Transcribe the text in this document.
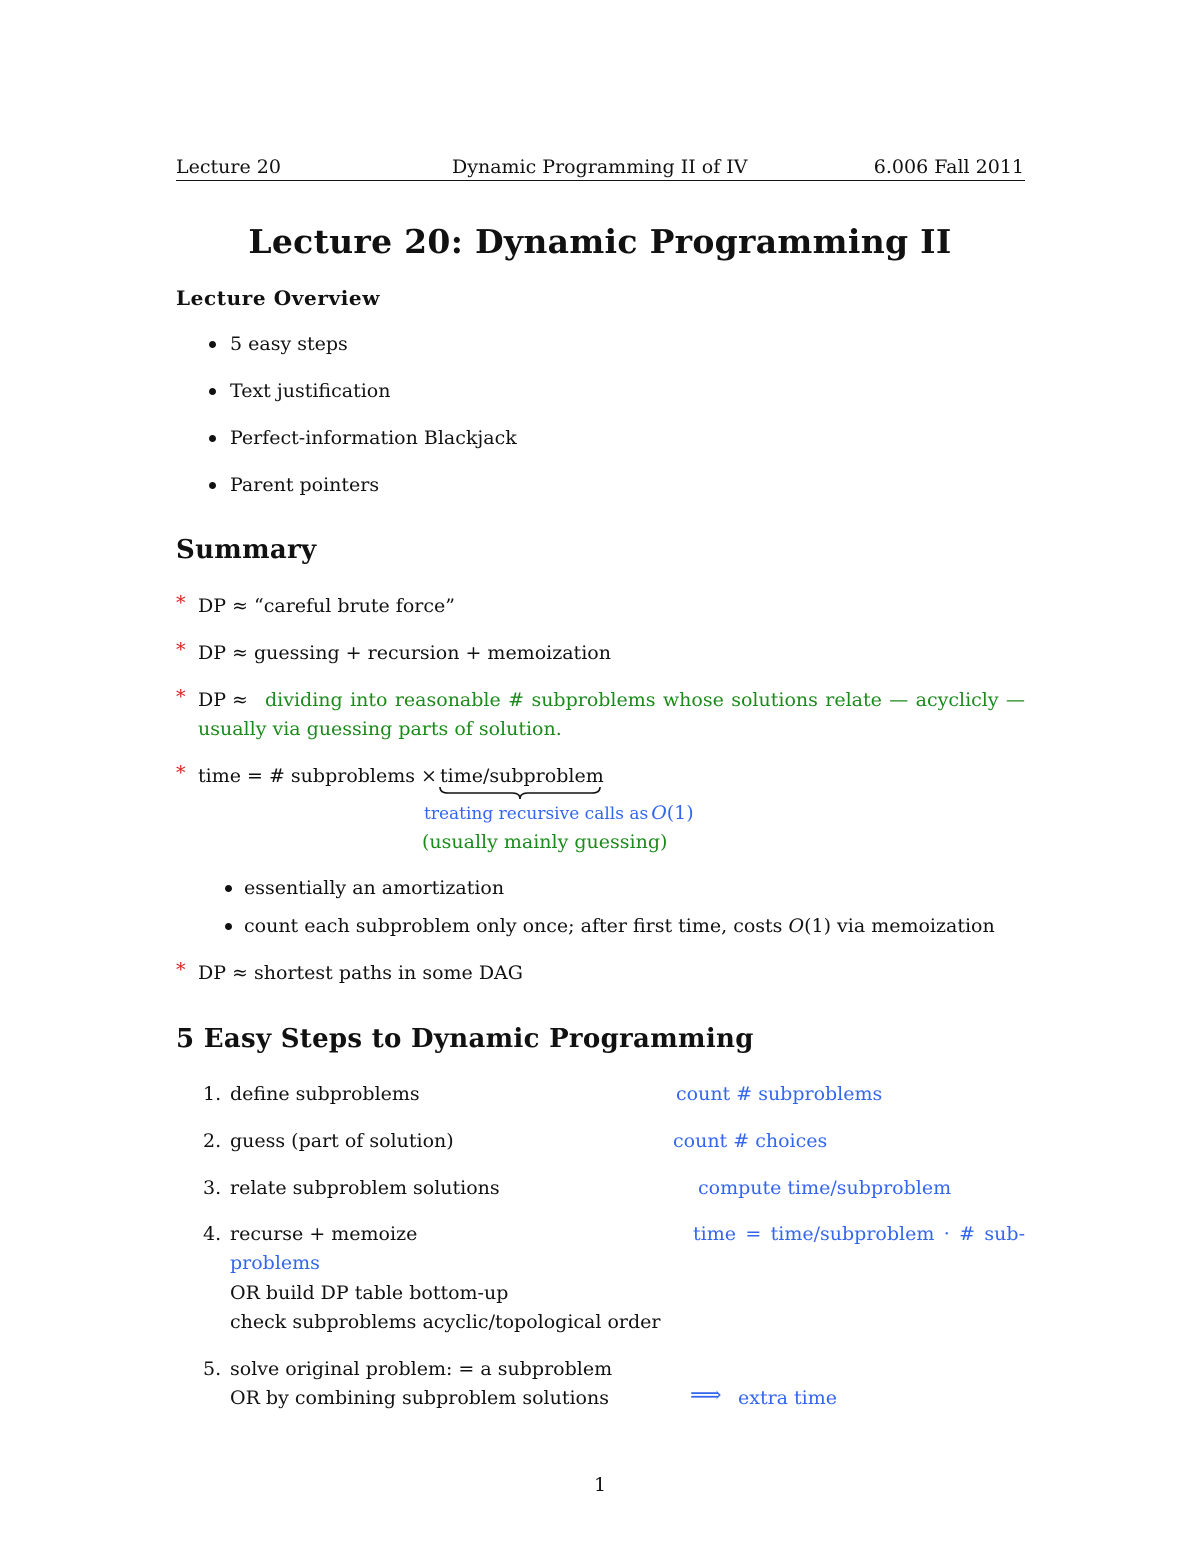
Lecture 20	Dynamic Programming II of IV	6.006 Fall 2011
Lecture 20: Dynamic Programming II
Lecture Overview
5 easy steps
Text justification
Perfect-information Blackjack
Parent pointers
Summary
* DP ≈ “careful brute force”
* DP ≈ guessing + recursion + memoization
* DP ≈ dividing into reasonable # subproblems whose solutions relate — acyclicly —
usually via guessing parts of solution.
* time = # subproblems × time/subproblem
treating recursive calls as O(1)
(usually mainly guessing)
essentially an amortization
count each subproblem only once; after first time, costs O(1) via memoization
* DP ≈ shortest paths in some DAG
5 Easy Steps to Dynamic Programming
1. define subproblems	count # subproblems
2. guess (part of solution)	count # choices
3. relate subproblem solutions	compute time/subproblem
4. recurse + memoize	time = time/subproblem · # sub-
problems
OR build DP table bottom-up
check subproblems acyclic/topological order
5. solve original problem: = a subproblem
OR by combining subproblem solutions	⟹ extra time
1
